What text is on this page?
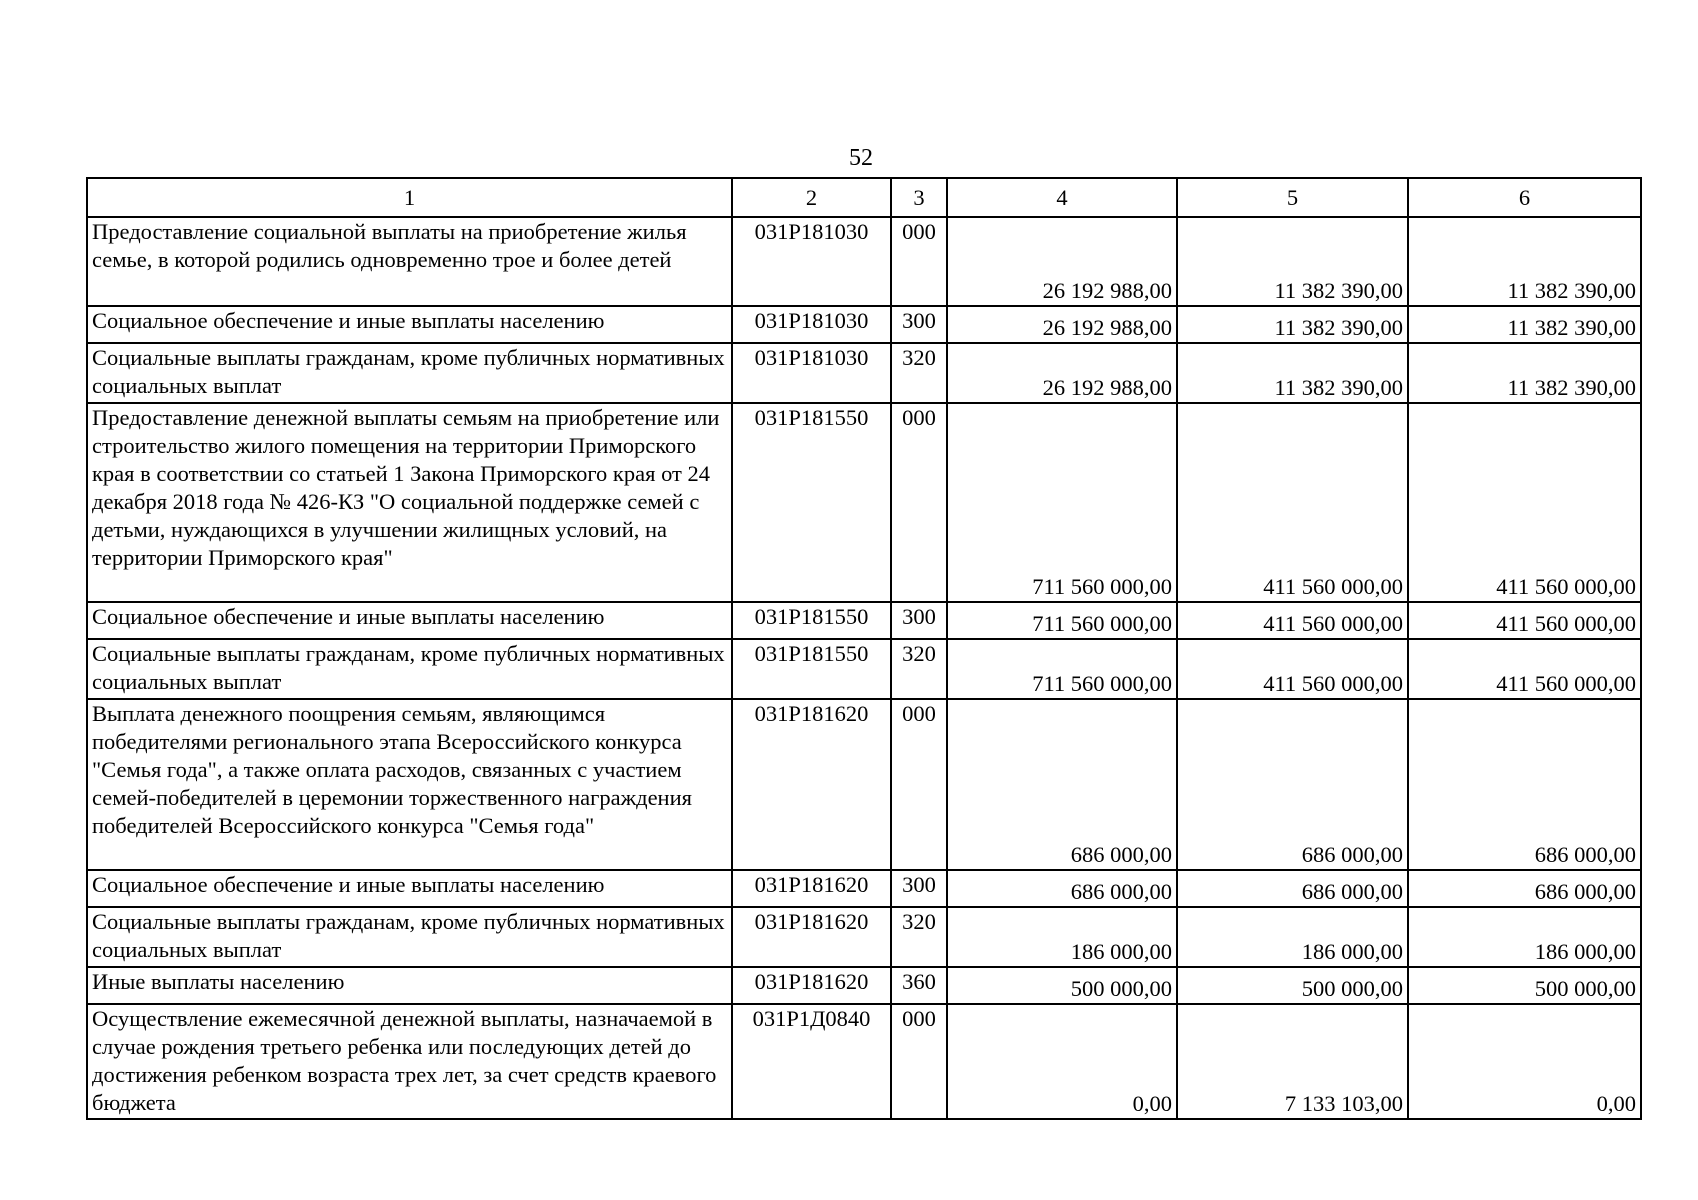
52
1	2	3	4	5	6
Предоставление социальной выплаты на приобретение жилья семье, в которой родились одновременно трое и более детей	031P181030	000	26 192 988,00	11 382 390,00	11 382 390,00
Социальное обеспечение и иные выплаты населению	031P181030	300	26 192 988,00	11 382 390,00	11 382 390,00
Социальные выплаты гражданам, кроме публичных нормативных социальных выплат	031P181030	320	26 192 988,00	11 382 390,00	11 382 390,00
Предоставление денежной выплаты семьям на приобретение или строительство жилого помещения на территории Приморского края в соответствии со статьей 1 Закона Приморского края от 24 декабря 2018 года № 426-КЗ "О социальной поддержке семей с детьми, нуждающихся в улучшении жилищных условий, на территории Приморского края"	031P181550	000	711 560 000,00	411 560 000,00	411 560 000,00
Социальное обеспечение и иные выплаты населению	031P181550	300	711 560 000,00	411 560 000,00	411 560 000,00
Социальные выплаты гражданам, кроме публичных нормативных социальных выплат	031P181550	320	711 560 000,00	411 560 000,00	411 560 000,00
Выплата денежного поощрения семьям, являющимся победителями регионального этапа Всероссийского конкурса "Семья года", а также оплата расходов, связанных с участием семей-победителей в церемонии торжественного награждения победителей Всероссийского конкурса "Семья года"	031P181620	000	686 000,00	686 000,00	686 000,00
Социальное обеспечение и иные выплаты населению	031P181620	300	686 000,00	686 000,00	686 000,00
Социальные выплаты гражданам, кроме публичных нормативных социальных выплат	031P181620	320	186 000,00	186 000,00	186 000,00
Иные выплаты населению	031P181620	360	500 000,00	500 000,00	500 000,00
Осуществление ежемесячной денежной выплаты, назначаемой в случае рождения третьего ребенка или последующих детей до достижения ребенком возраста трех лет, за счет средств краевого бюджета	031P1Д0840	000	0,00	7 133 103,00	0,00
